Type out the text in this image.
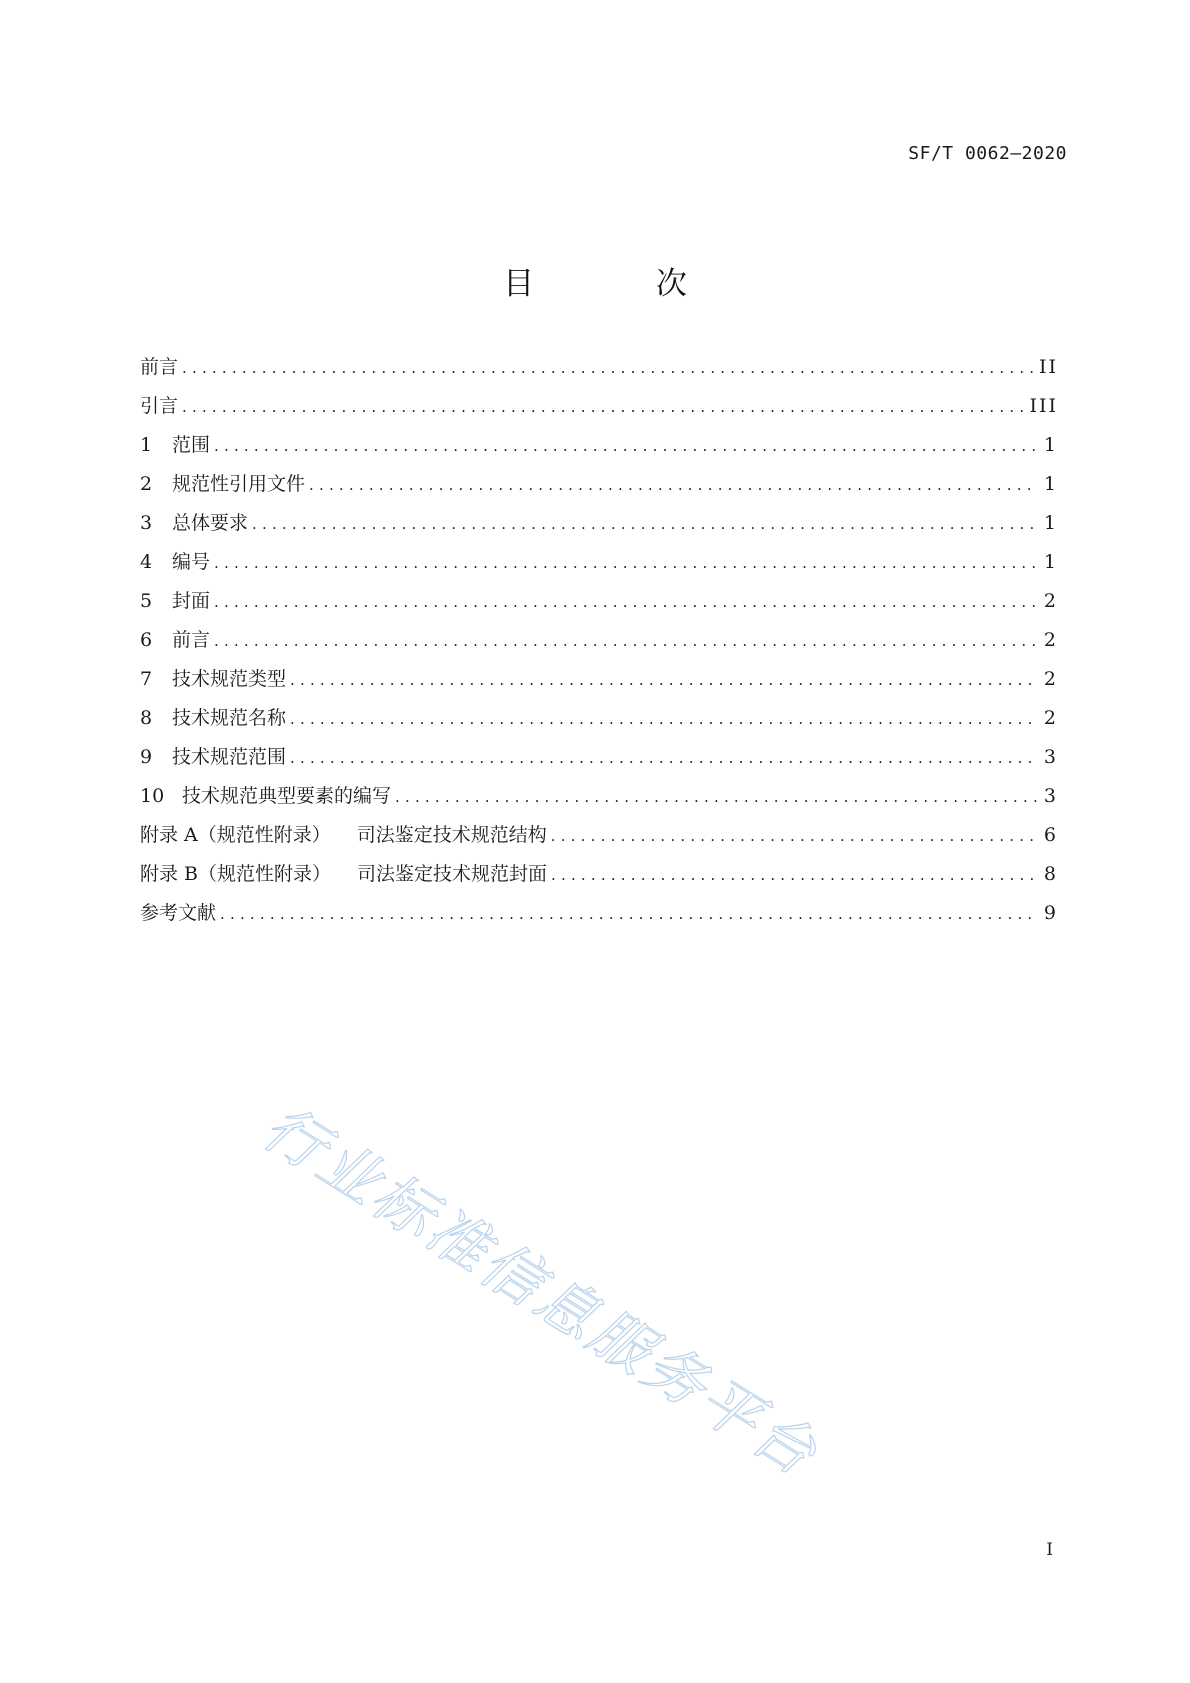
SF/T 0062—2020
目 次
前言 .....	II
引言 .....	III
1	范围 .....	1
2	规范性引用文件 .....	1
3	总体要求 .....	1
4	编号 .....	1
5	封面 .....	2
6	前言 .....	2
7	技术规范类型 .....	2
8	技术规范名称 .....	2
9	技术规范范围 .....	3
10 技术规范典型要素的编写 .....	3
附录 A（规范性附录） 司法鉴定技术规范结构 .....	6
附录 B（规范性附录） 司法鉴定技术规范封面 .....	8
参考文献 .....	9
行业标准信息服务平台
I
